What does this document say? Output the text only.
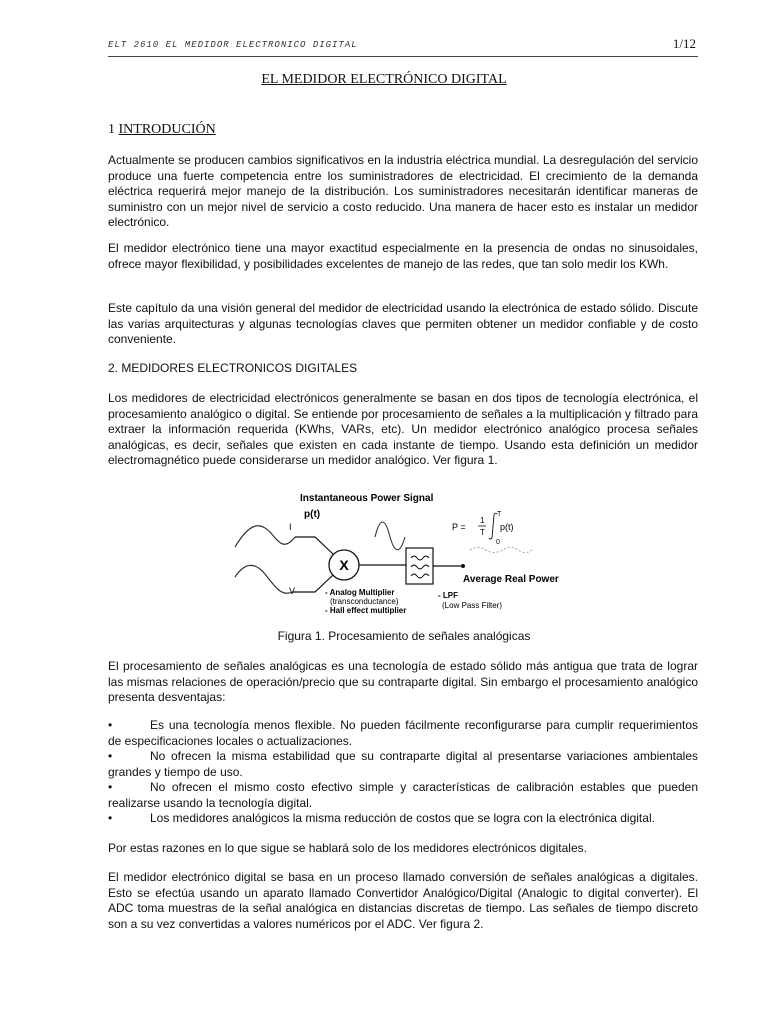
ELT 2610 EL MEDIDOR ELECTRONICO DIGITAL	1/12
EL MEDIDOR ELECTRÓNICO DIGITAL
1 INTRODUCIÓN

Actualmente se producen cambios significativos en la industria eléctrica mundial. La desregulación del servicio produce una fuerte competencia entre los suministradores de electricidad. El crecimiento de la demanda eléctrica requerirá mejor manejo de la distribución. Los suministradores necesitarán identificar maneras de suministro con un mejor nivel de servicio a costo reducido. Una manera de hacer esto es instalar un medidor electrónico.

El medidor electrónico tiene una mayor exactitud especialmente en la presencia de ondas no sinusoidales, ofrece mayor flexibilidad, y posibilidades excelentes de manejo de las redes, que tan solo medir los KWh.

Este capítulo da una visión general del medidor de electricidad usando la electrónica de estado sólido. Discute las varias arquitecturas y algunas tecnologías claves que permiten obtener un medidor confiable y de costo conveniente.

2. MEDIDORES ELECTRONICOS DIGITALES

Los medidores de electricidad electrónicos generalmente se basan en dos tipos de tecnología electrónica, el procesamiento analógico o digital. Se entiende por procesamiento de señales a la multiplicación y filtrado para extraer la información requerida (KWhs, VARs, etc). Un medidor electrónico analógico procesa señales analógicas, es decir, señales que existen en cada instante de tiempo. Usando esta definición un medidor electromagnético puede considerarse un medidor analógico. Ver figura 1.

Instantaneous Power Signal
p(t)
I
V
X
Average Real Power
P =
1
T
T
0
p(t)
- Analog Multiplier
(transconductance)
- Hall effect multiplier
- LPF
(Low Pass Filter)
Figura 1. Procesamiento de señales analógicas

El procesamiento de señales analógicas es una tecnología de estado sólido más antigua que trata de lograr las mismas relaciones de operación/precio que su contraparte digital. Sin embargo el procesamiento analógico presenta desventajas:

•	Es una tecnología menos flexible. No pueden fácilmente reconfigurarse para cumplir requerimientos de especificaciones locales o actualizaciones.
•	No ofrecen la misma estabilidad que su contraparte digital al presentarse variaciones ambientales grandes y tiempo de uso.
•	No ofrecen el mismo costo efectivo simple y características de calibración estables que pueden realizarse usando la tecnología digital.
•	Los medidores analógicos la misma reducción de costos que se logra con la electrónica digital.

Por estas razones en lo que sigue se hablará solo de los medidores electrónicos digitales.

El medidor electrónico digital se basa en un proceso llamado conversión de señales analógicas a digitales. Esto se efectúa usando un aparato llamado Convertidor Analógico/Digital (Analogic to digital converter). El ADC toma muestras de la señal analógica en distancias discretas de tiempo. Las señales de tiempo discreto son a su vez convertidas a valores numéricos por el ADC. Ver figura 2.
